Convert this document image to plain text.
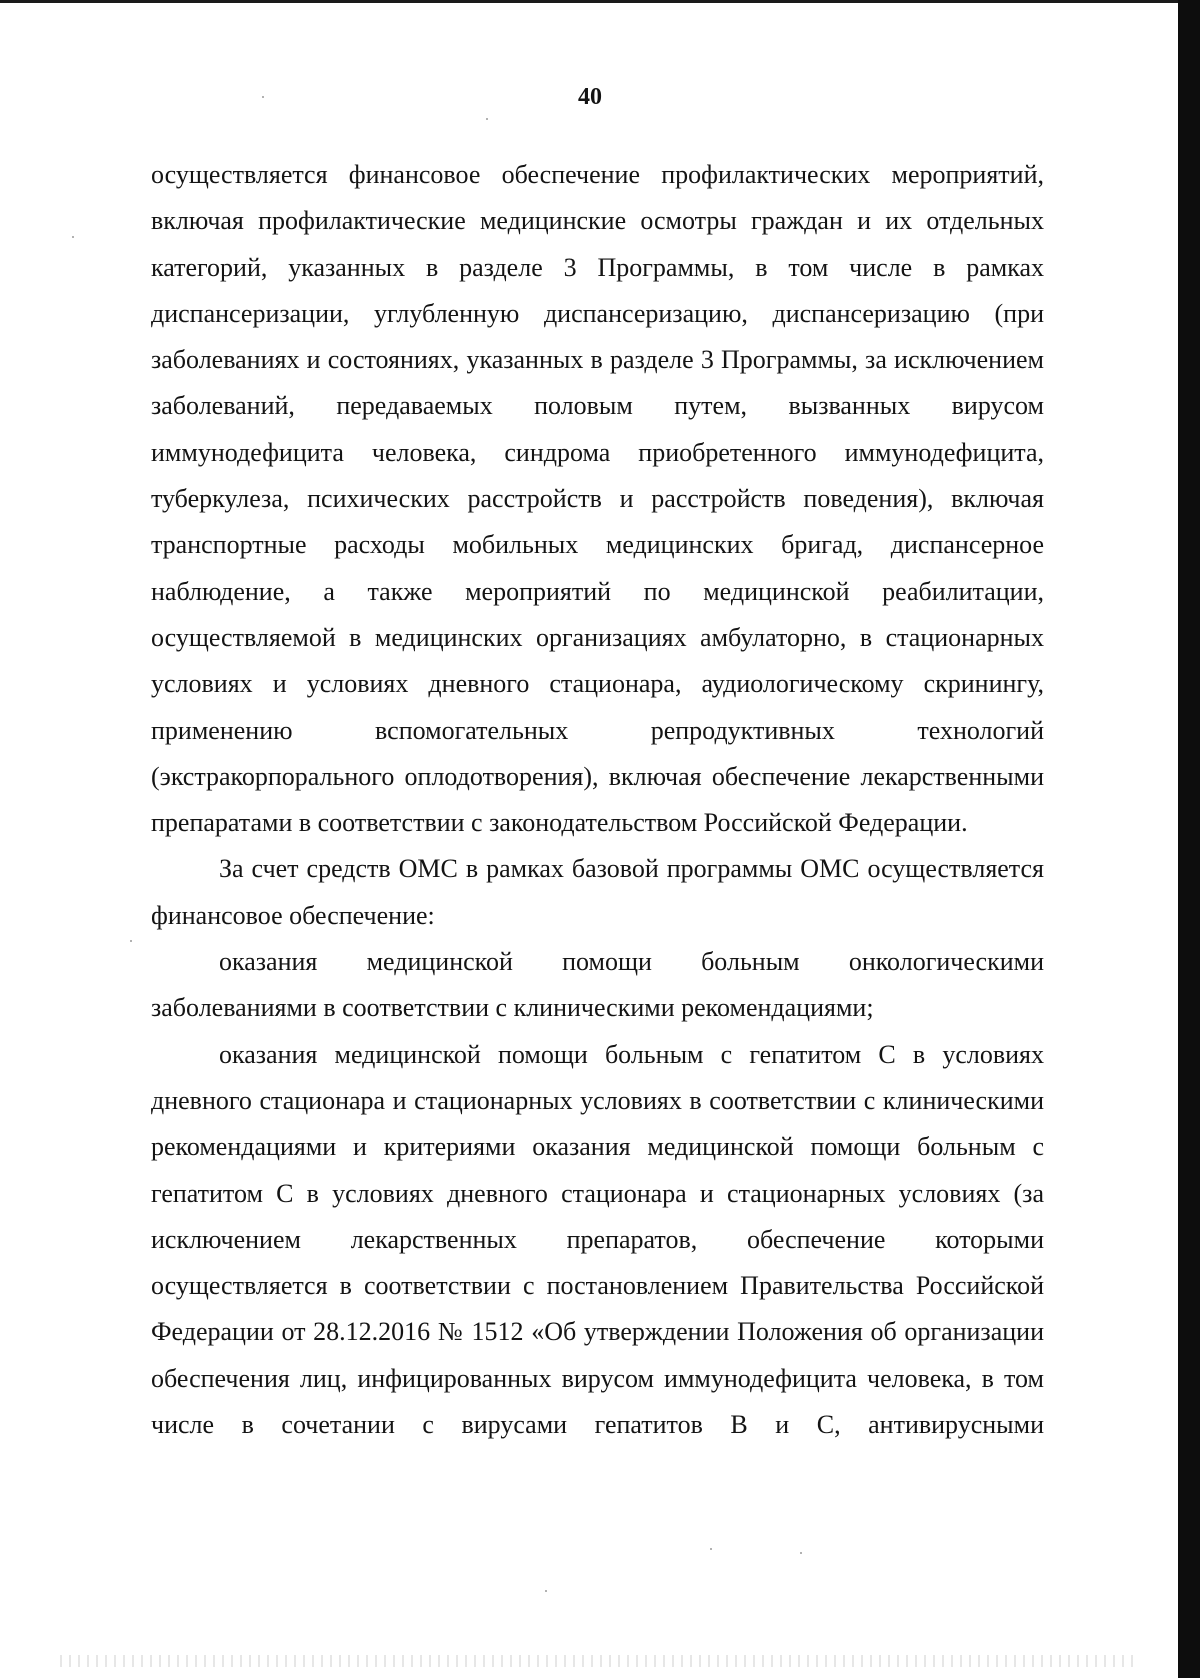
40

осуществляется финансовое обеспечение профилактических мероприятий, включая профилактические медицинские осмотры граждан и их отдельных категорий, указанных в разделе 3 Программы, в том числе в рамках диспансеризации, углубленную диспансеризацию, диспансеризацию (при заболеваниях и состояниях, указанных в разделе 3 Программы, за исключением заболеваний, передаваемых половым путем, вызванных вирусом иммунодефицита человека, синдрома приобретенного иммунодефицита, туберкулеза, психических расстройств и расстройств поведения), включая транспортные расходы мобильных медицинских бригад, диспансерное наблюдение, а также мероприятий по медицинской реабилитации, осуществляемой в медицинских организациях амбулаторно, в стационарных условиях и условиях дневного стационара, аудиологическому скринингу, применению вспомогательных репродуктивных технологий (экстракорпорального оплодотворения), включая обеспечение лекарственными препаратами в соответствии с законодательством Российской Федерации.

За счет средств ОМС в рамках базовой программы ОМС осуществляется финансовое обеспечение:

оказания медицинской помощи больным онкологическими заболеваниями в соответствии с клиническими рекомендациями;

оказания медицинской помощи больным с гепатитом С в условиях дневного стационара и стационарных условиях в соответствии с клиническими рекомендациями и критериями оказания медицинской помощи больным с гепатитом С в условиях дневного стационара и стационарных условиях (за исключением лекарственных препаратов, обеспечение которыми осуществляется в соответствии с постановлением Правительства Российской Федерации от 28.12.2016 № 1512 «Об утверждении Положения об организации обеспечения лиц, инфицированных вирусом иммунодефицита человека, в том числе в сочетании с вирусами гепатитов В и С, антивирусными
